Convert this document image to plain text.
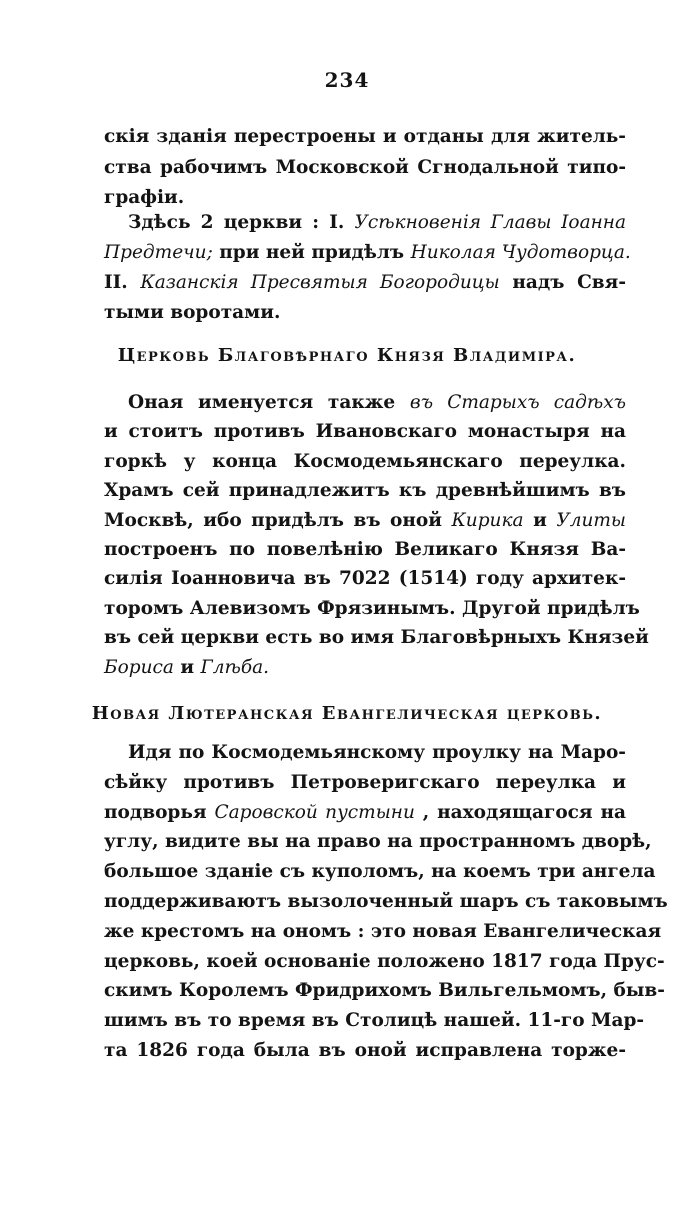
234
скія зданія перестроены и отданы для житель-
ства рабочимъ Московской Сгнодальной типо-
графіи.
Здѣсь 2 церкви : I. Усѣкновенія Главы Іоанна
Предтечи; при ней придѣлъ Николая Чудотворца.
II. Казанскія Пресвятыя Богородицы надъ Свя-
тыми воротами.
Оная именуется также въ Старыхъ садѣхъ
и стоитъ противъ Ивановскаго монастыря на
горкѣ у конца Космодемьянскаго переулка.
Храмъ сей принадлежитъ къ древнѣйшимъ въ
Москвѣ, ибо придѣлъ въ оной Кирика и Улиты
построенъ по повелѣнію Великаго Князя Ва-
силія Іоанновича въ 7022 (1514) году архитек-
торомъ Алевизомъ Фрязинымъ. Другой придѣлъ
въ сей церкви есть во имя Благовѣрныхъ Князей
Бориса и Глѣба.
Идя по Космодемьянскому проулку на Маро-
сѣйку противъ Петроверигскаго переулка и
подворья Саровской пустыни , находящагося на
углу, видите вы на право на пространномъ дворѣ,
большое зданіе съ куполомъ, на коемъ три ангела
поддерживаютъ вызолоченный шаръ съ таковымъ
же крестомъ на ономъ : это новая Евангелическая
церковь, коей основаніе положено 1817 года Прус-
скимъ Королемъ Фридрихомъ Вильгельмомъ, быв-
шимъ въ то время въ Столицѣ нашей. 11-го Мар-
та 1826 года была въ оной исправлена торже-
Церковь Благовѣрнаго Князя Владиміра.
Новая Лютеранская Евангелическая церковь.
